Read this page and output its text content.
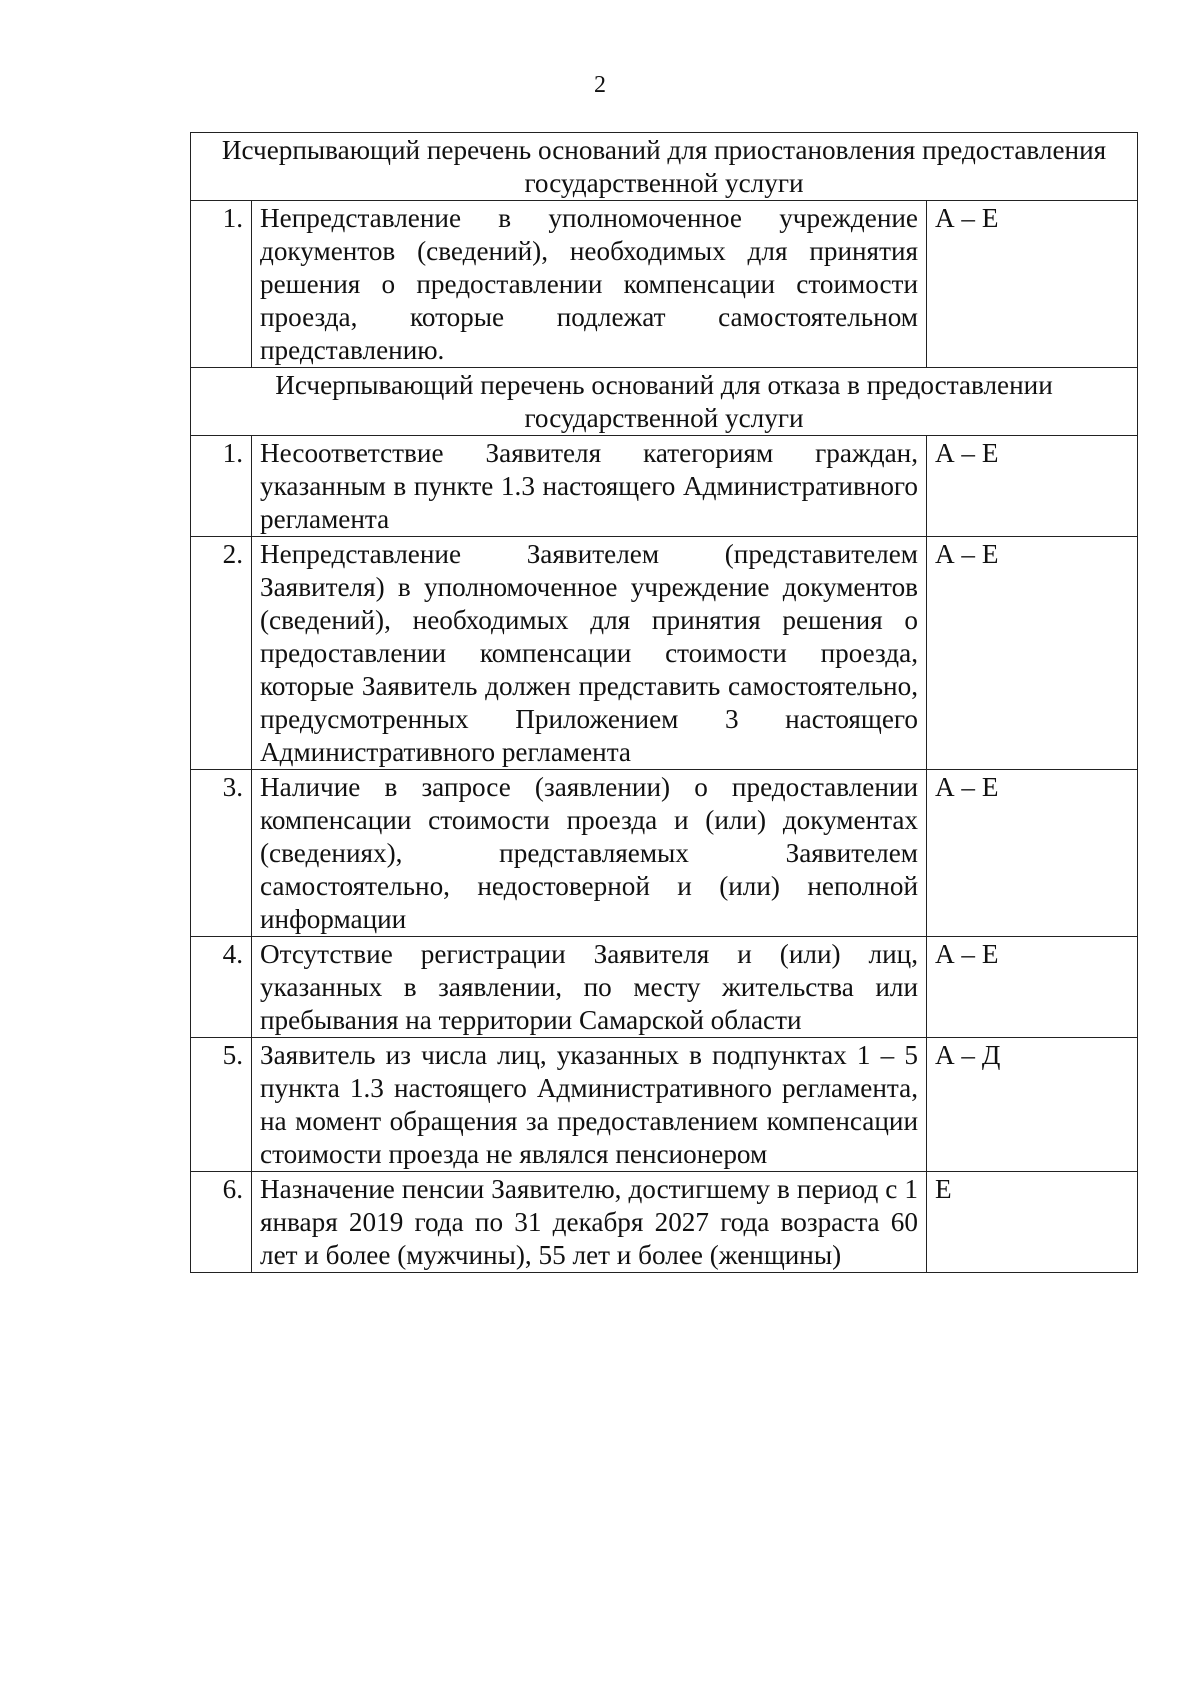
2
Исчерпывающий перечень оснований для приостановления предоставления государственной услуги		
1.	Непредставление в уполномоченное учреждение документов (сведений), необходимых для принятия решения о предоставлении компенсации стоимости проезда, которые подлежат самостоятельном представлению.	А – Е
Исчерпывающий перечень оснований для отказа в предоставлении государственной услуги		
1.	Несоответствие Заявителя категориям граждан, указанным в пункте 1.3 настоящего Административного регламента	А – Е
2.	Непредставление Заявителем (представителем Заявителя) в уполномоченное учреждение документов (сведений), необходимых для принятия решения о предоставлении компенсации стоимости проезда, которые Заявитель должен представить самостоятельно, предусмотренных Приложением 3 настоящего Административного регламента	А – Е
3.	Наличие в запросе (заявлении) о предоставлении компенсации стоимости проезда и (или) документах (сведениях), представляемых Заявителем самостоятельно, недостоверной и (или) неполной информации	А – Е
4.	Отсутствие регистрации Заявителя и (или) лиц, указанных в заявлении, по месту жительства или пребывания на территории Самарской области	А – Е
5.	Заявитель из числа лиц, указанных в подпунктах 1 – 5 пункта 1.3 настоящего Административного регламента, на момент обращения за предоставлением компенсации стоимости проезда не являлся пенсионером	А – Д
6.	Назначение пенсии Заявителю, достигшему в период с 1 января 2019 года по 31 декабря 2027 года возраста 60 лет и более (мужчины), 55 лет и более (женщины)	Е
